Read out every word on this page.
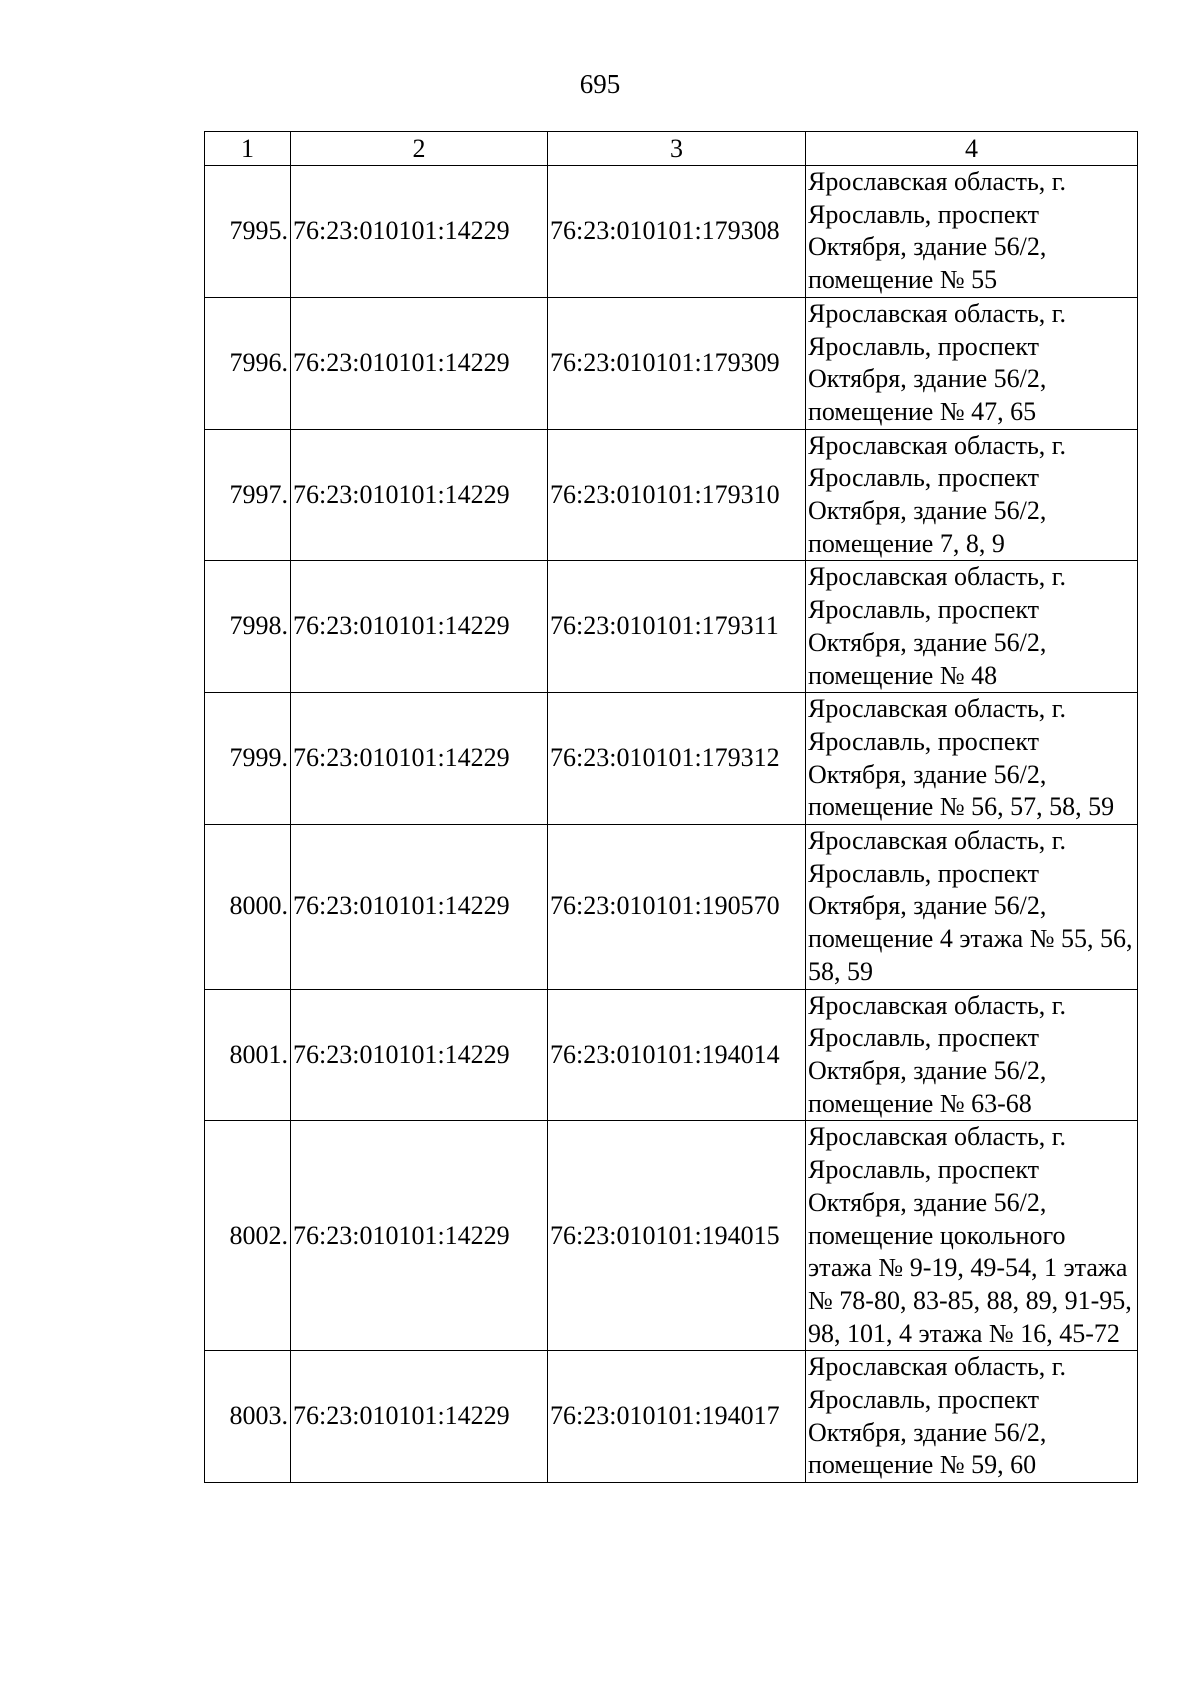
695
1	2	3	4
7995.	76:23:010101:14229	76:23:010101:179308	Ярославская область, г. Ярославль, проспект Октября, здание 56/2, помещение № 55
7996.	76:23:010101:14229	76:23:010101:179309	Ярославская область, г. Ярославль, проспект Октября, здание 56/2, помещение № 47, 65
7997.	76:23:010101:14229	76:23:010101:179310	Ярославская область, г. Ярославль, проспект Октября, здание 56/2, помещение 7, 8, 9
7998.	76:23:010101:14229	76:23:010101:179311	Ярославская область, г. Ярославль, проспект Октября, здание 56/2, помещение № 48
7999.	76:23:010101:14229	76:23:010101:179312	Ярославская область, г. Ярославль, проспект Октября, здание 56/2, помещение № 56, 57, 58, 59
8000.	76:23:010101:14229	76:23:010101:190570	Ярославская область, г. Ярославль, проспект Октября, здание 56/2, помещение 4 этажа № 55, 56, 58, 59
8001.	76:23:010101:14229	76:23:010101:194014	Ярославская область, г. Ярославль, проспект Октября, здание 56/2, помещение № 63-68
8002.	76:23:010101:14229	76:23:010101:194015	Ярославская область, г. Ярославль, проспект Октября, здание 56/2, помещение цокольного этажа № 9-19, 49-54, 1 этажа № 78-80, 83-85, 88, 89, 91-95, 98, 101, 4 этажа № 16, 45-72
8003.	76:23:010101:14229	76:23:010101:194017	Ярославская область, г. Ярославль, проспект Октября, здание 56/2, помещение № 59, 60
